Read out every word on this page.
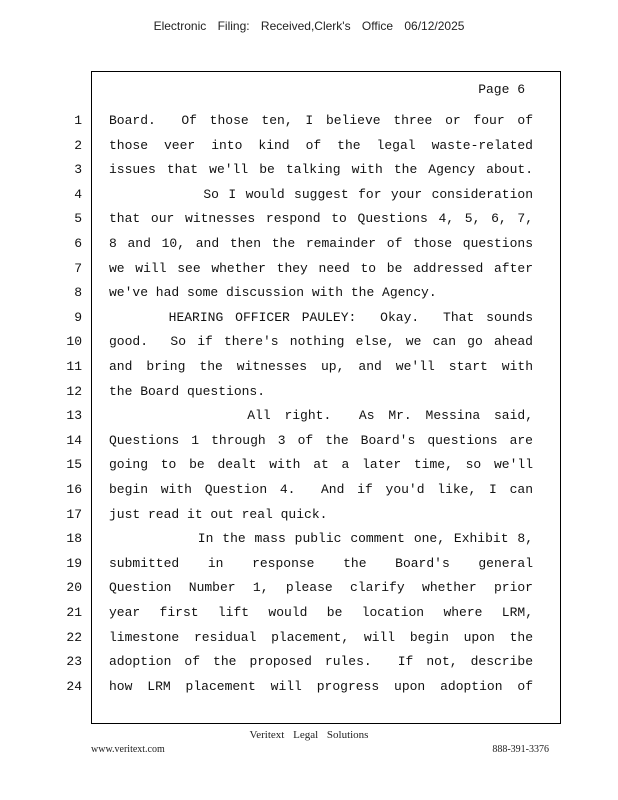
Electronic Filing: Received,Clerk's Office 06/12/2025
Page 6
1 Board.  Of those ten, I believe three or four of
2 those veer into kind of the legal waste-related
3 issues that we'll be talking with the Agency about.
4 So I would suggest for your consideration
5 that our witnesses respond to Questions 4, 5, 6, 7,
6 8 and 10, and then the remainder of those questions
7 we will see whether they need to be addressed after
8 we've had some discussion with the Agency.
9 HEARING OFFICER PAULEY:  Okay.  That sounds
10 good.  So if there's nothing else, we can go ahead
11 and bring the witnesses up, and we'll start with
12 the Board questions.
13 All right.  As Mr. Messina said,
14 Questions 1 through 3 of the Board's questions are
15 going to be dealt with at a later time, so we'll
16 begin with Question 4.  And if you'd like, I can
17 just read it out real quick.
18 In the mass public comment one, Exhibit 8,
19 submitted in response the Board's general
20 Question Number 1, please clarify whether prior
21 year first lift would be location where LRM,
22 limestone residual placement, will begin upon the
23 adoption of the proposed rules.  If not, describe
24 how LRM placement will progress upon adoption of
Veritext Legal Solutions
www.veritext.com	888-391-3376
